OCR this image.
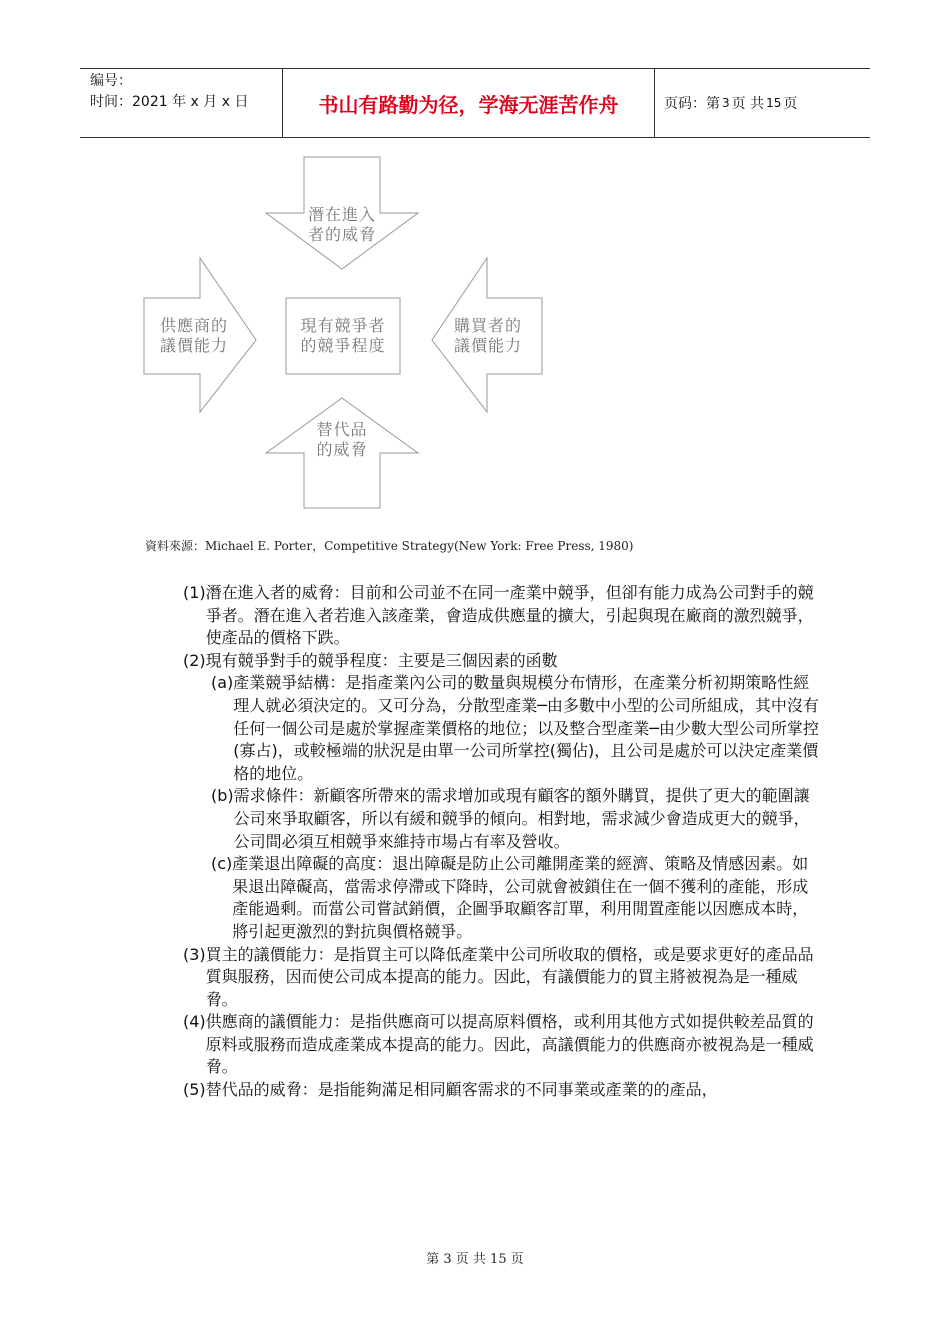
编号：
时间：2021 年 x 月 x 日	书山有路勤为径，学海无涯苦作舟	页码：第 3 页 共 15 页
潛在進入
者的威脅
現有競爭者
的競爭程度
供應商的
議價能力
購買者的
議價能力
替代品
的威脅
資料來源：Michael E. Porter，Competitive Strategy(New York: Free Press, 1980)
(1) 潛在進入者的威脅：目前和公司並不在同一產業中競爭，但卻有能力成為公司對手的競爭者。潛在進入者若進入該產業，會造成供應量的擴大，引起與現在廠商的激烈競爭，使產品的價格下跌。
(2) 現有競爭對手的競爭程度：主要是三個因素的函數
(a) 產業競爭結構：是指產業內公司的數量與規模分布情形，在產業分析初期策略性經理人就必須決定的。又可分為，分散型產業─由多數中小型的公司所組成，其中沒有任何一個公司是處於掌握產業價格的地位；以及整合型產業─由少數大型公司所掌控(寡占)，或較極端的狀況是由單一公司所掌控(獨佔)，且公司是處於可以決定產業價格的地位。
(b) 需求條件：新顧客所帶來的需求增加或現有顧客的額外購買，提供了更大的範圍讓公司來爭取顧客，所以有緩和競爭的傾向。相對地，需求減少會造成更大的競爭，公司間必須互相競爭來維持市場占有率及營收。
(c) 產業退出障礙的高度：退出障礙是防止公司離開產業的經濟、策略及情感因素。如果退出障礙高，當需求停滯或下降時，公司就會被鎖住在一個不獲利的產能，形成產能過剩。而當公司嘗試銷價，企圖爭取顧客訂單，利用閒置產能以因應成本時，將引起更激烈的對抗與價格競爭。
(3) 買主的議價能力：是指買主可以降低產業中公司所收取的價格，或是要求更好的產品品質與服務，因而使公司成本提高的能力。因此，有議價能力的買主將被視為是一種威脅。
(4) 供應商的議價能力：是指供應商可以提高原料價格，或利用其他方式如提供較差品質的原料或服務而造成產業成本提高的能力。因此，高議價能力的供應商亦被視為是一種威脅。
(5) 替代品的威脅：是指能夠滿足相同顧客需求的不同事業或產業的的產品，
第 3 页 共 15 页
